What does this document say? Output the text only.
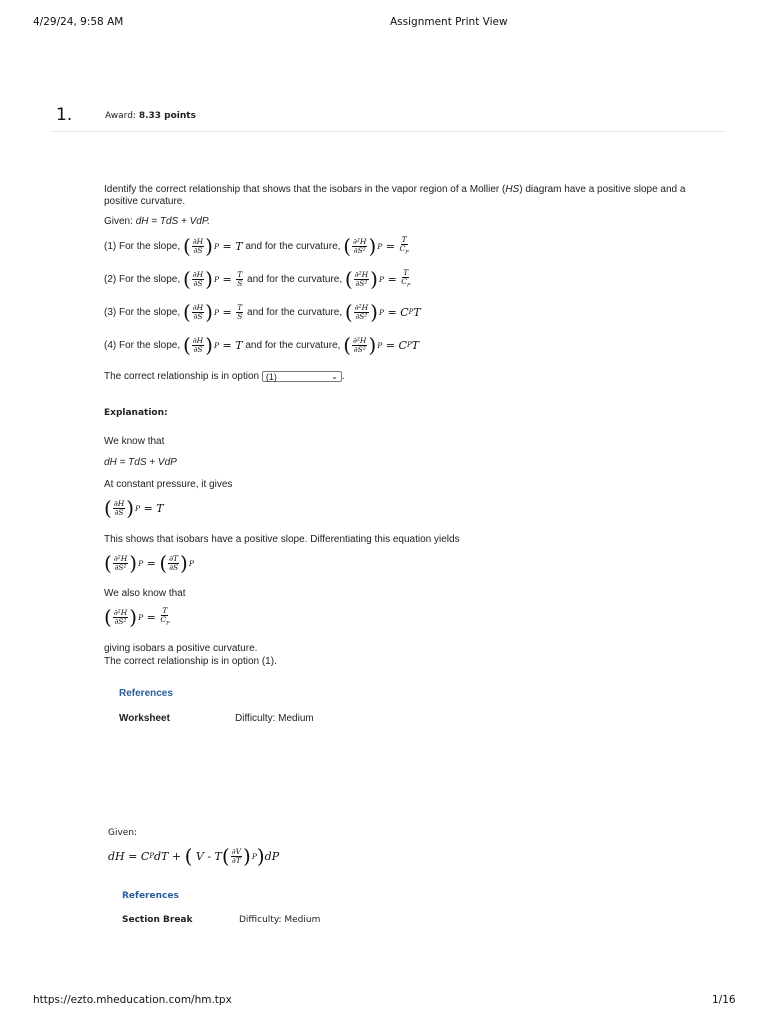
4/29/24, 9:58 AM	Assignment Print View
1.	Award: 8.33 points
Identify the correct relationship that shows that the isobars in the vapor region of a Mollier (HS) diagram have a positive slope and a
positive curvature.
Given: dH = TdS + VdP.
(1) For the slope,
( $\frac{\partial H}{\partial S}$ ) P = T
and for the curvature,
( $\frac{\text{∂²H}}{\text{∂S²}}$ ) $P = \frac{T}{C_P}$
(2) For the slope,
( $\frac{\partial H}{\partial S}$ ) $P = \frac{T}{S}$
and for the curvature,
( $\frac{\text{∂²H}}{\text{∂S²}}$ ) $P = \frac{T}{C_P}$
(3) For the slope,
( $\frac{\partial H}{\partial S}$ ) $P = \frac{T}{S}$
and for the curvature,
( $\frac{\text{∂²H}}{\text{∂S²}}$ ) P = C P T
(4) For the slope,
( $\frac{\partial H}{\partial S}$ ) P = T
and for the curvature,
( $\frac{\text{∂²H}}{\text{∂S²}}$ ) P = C P T
The correct relationship is in option (1)	⌄ .
Explanation:
We know that
dH = TdS + VdP
At constant pressure, it gives
( $\frac{\partial H}{\partial S}$ ) P = T
This shows that isobars have a positive slope. Differentiating this equation yields
( $\frac{\text{∂²H}}{\text{∂S²}}$ ) P = ( $\frac{\partial T}{\partial S}$ ) P
We also know that
( $\frac{\text{∂²H}}{\text{∂S²}}$ ) $P = \frac{T}{C_P}$
giving isobars a positive curvature.
The correct relationship is in option (1).
References
Worksheet	Difficulty: Medium
Given:
dH = C P dT + ( V - T ( $\frac{\partial V}{\partial T}$ ) P ) dP
References
Section Break	Difficulty: Medium
https://ezto.mheducation.com/hm.tpx	1/16
